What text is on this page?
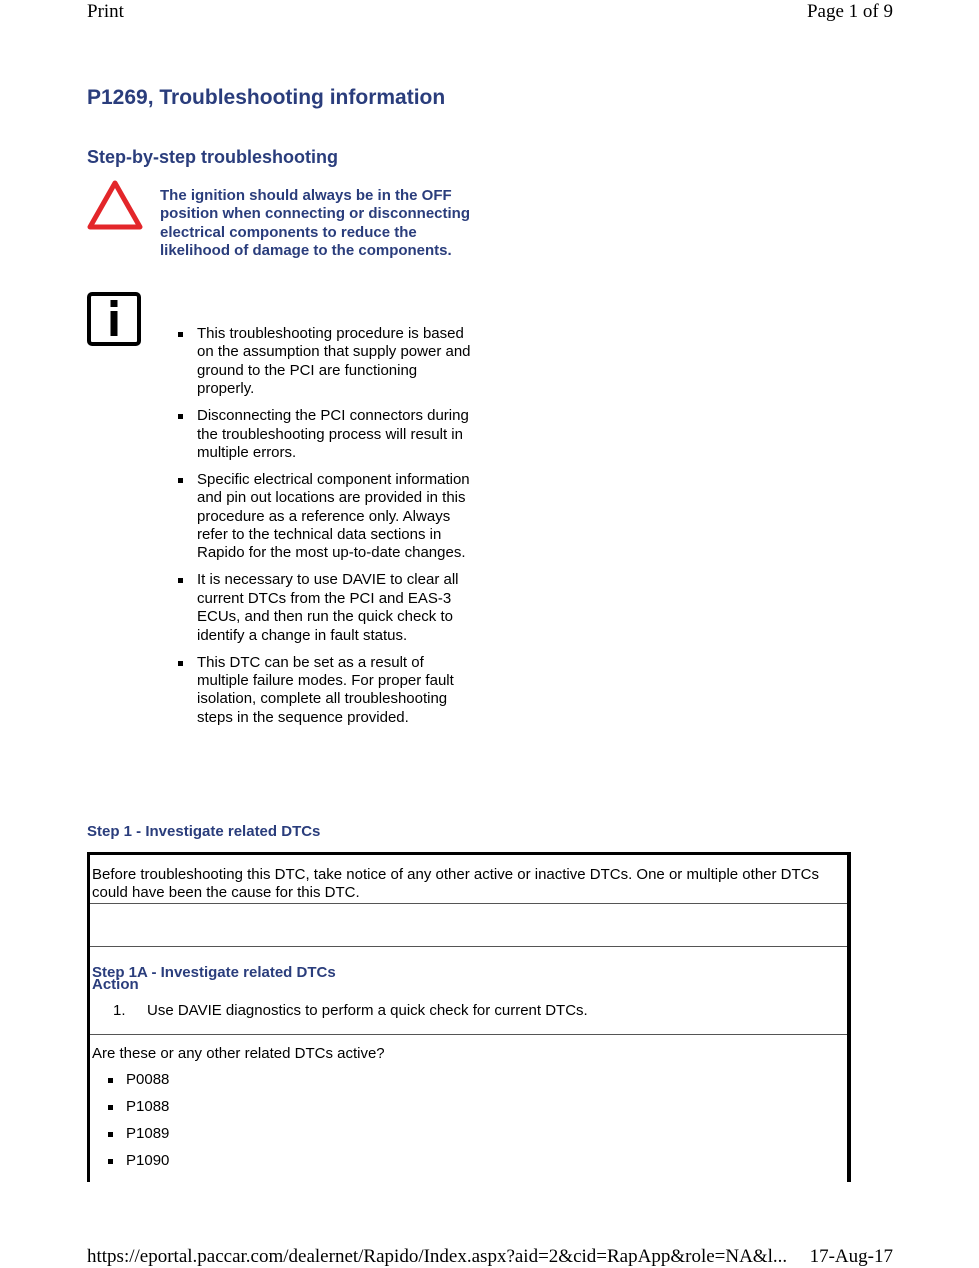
Print	Page 1 of 9
P1269, Troubleshooting information
Step-by-step troubleshooting
The ignition should always be in the OFF position when connecting or disconnecting electrical components to reduce the likelihood of damage to the components.
This troubleshooting procedure is based on the assumption that supply power and ground to the PCI are functioning properly.
Disconnecting the PCI connectors during the troubleshooting process will result in multiple errors.
Specific electrical component information and pin out locations are provided in this procedure as a reference only. Always refer to the technical data sections in Rapido for the most up-to-date changes.
It is necessary to use DAVIE to clear all current DTCs from the PCI and EAS-3 ECUs, and then run the quick check to identify a change in fault status.
This DTC can be set as a result of multiple failure modes. For proper fault isolation, complete all troubleshooting steps in the sequence provided.
Step 1 - Investigate related DTCs
Before troubleshooting this DTC, take notice of any other active or inactive DTCs. One or multiple other DTCs could have been the cause for this DTC.
Step 1A - Investigate related DTCs
Action
1. Use DAVIE diagnostics to perform a quick check for current DTCs.
Are these or any other related DTCs active?
P0088
P1088
P1089
P1090
https://eportal.paccar.com/dealernet/Rapido/Index.aspx?aid=2&cid=RapApp&role=NA&l... 17-Aug-17
